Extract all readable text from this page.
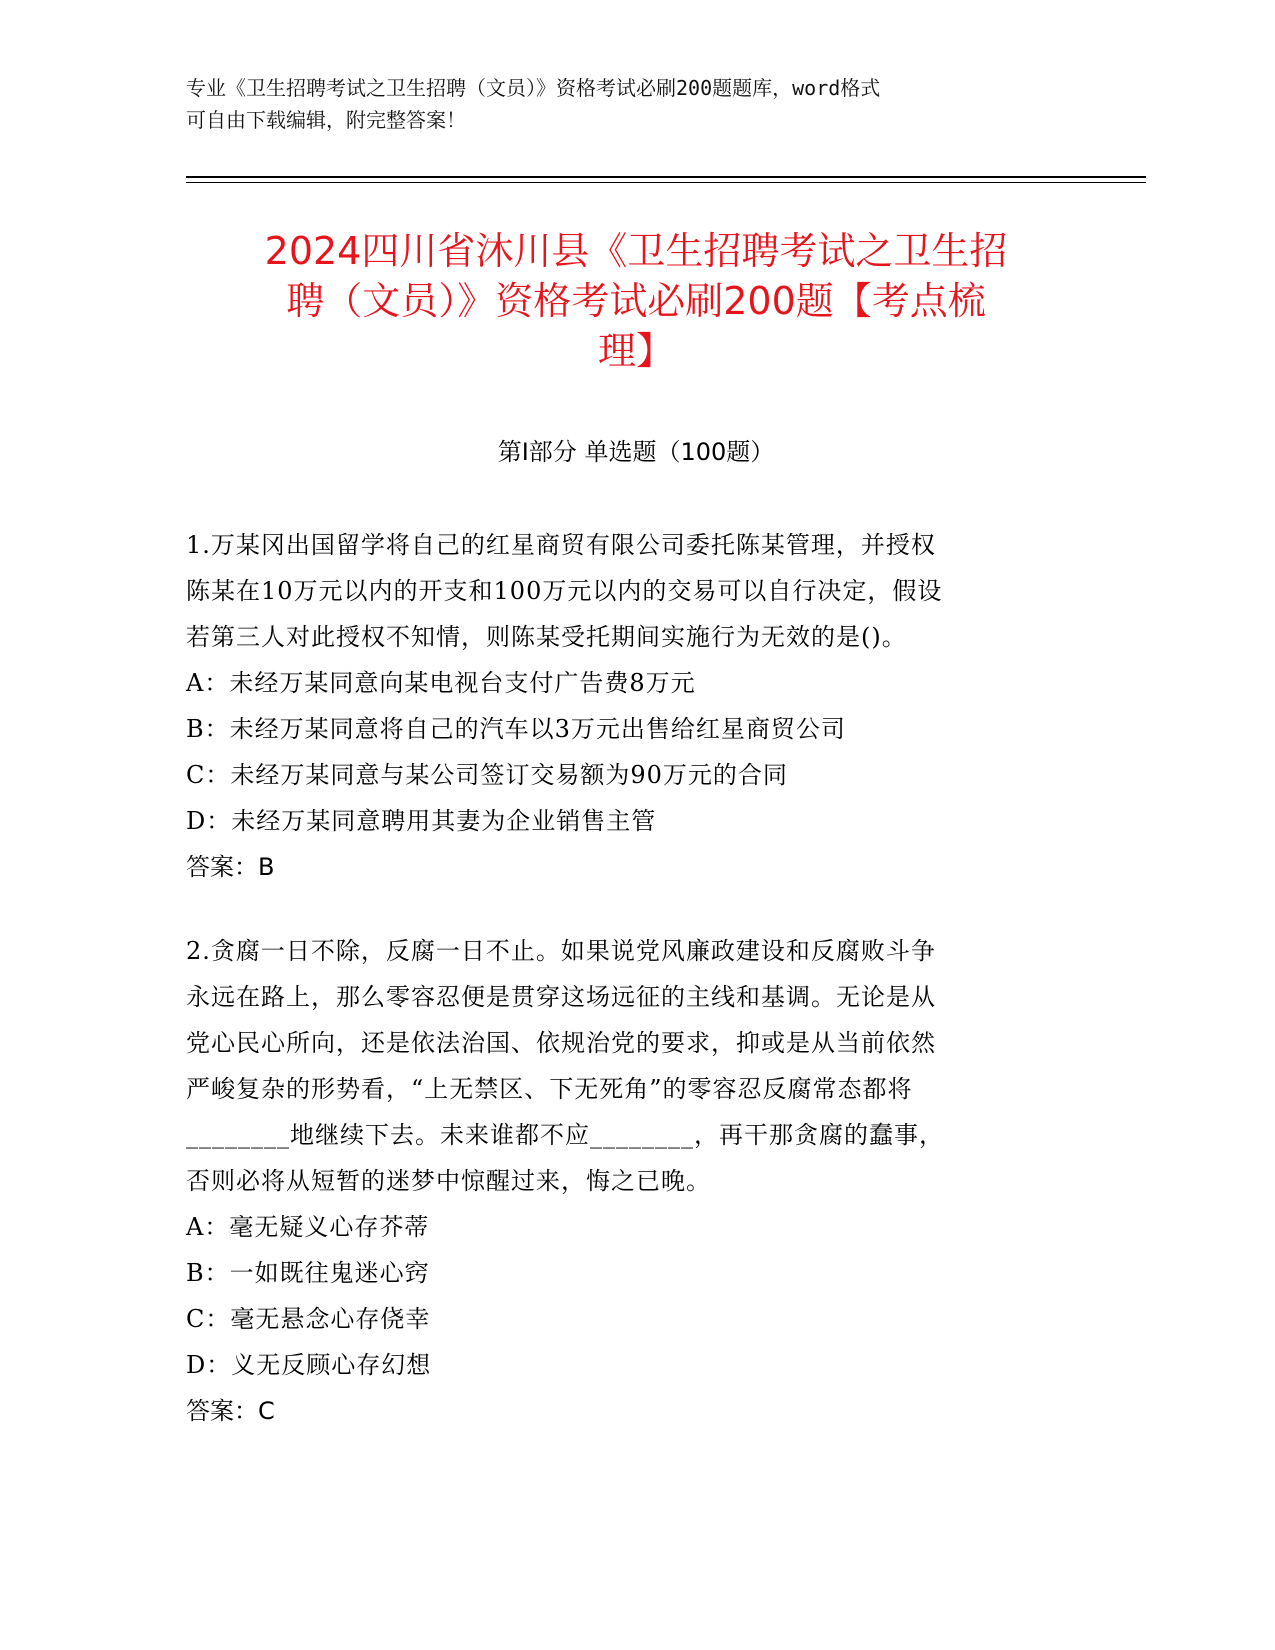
专业《卫生招聘考试之卫生招聘（文员）》资格考试必刷200题题库，word格式

可自由下载编辑，附完整答案！

2024四川省沐川县《卫生招聘考试之卫生招
聘（文员）》资格考试必刷200题【考点梳
理】
第I部分 单选题（100题）

1.万某冈出国留学将自己的红星商贸有限公司委托陈某管理，并授权
陈某在10万元以内的开支和100万元以内的交易可以自行决定，假设
若第三人对此授权不知情，则陈某受托期间实施行为无效的是()。

A：未经万某同意向某电视台支付广告费8万元
B：未经万某同意将自己的汽车以3万元出售给红星商贸公司
C：未经万某同意与某公司签订交易额为90万元的合同
D：未经万某同意聘用其妻为企业销售主管

答案：B

2.贪腐一日不除，反腐一日不止。如果说党风廉政建设和反腐败斗争
永远在路上，那么零容忍便是贯穿这场远征的主线和基调。无论是从
党心民心所向，还是依法治国、依规治党的要求，抑或是从当前依然
严峻复杂的形势看，“上无禁区、下无死角”的零容忍反腐常态都将
________地继续下去。未来谁都不应________，再干那贪腐的蠢事，
否则必将从短暂的迷梦中惊醒过来，悔之已晚。

A：毫无疑义心存芥蒂
B：一如既往鬼迷心窍
C：毫无悬念心存侥幸
D：义无反顾心存幻想

答案：C
